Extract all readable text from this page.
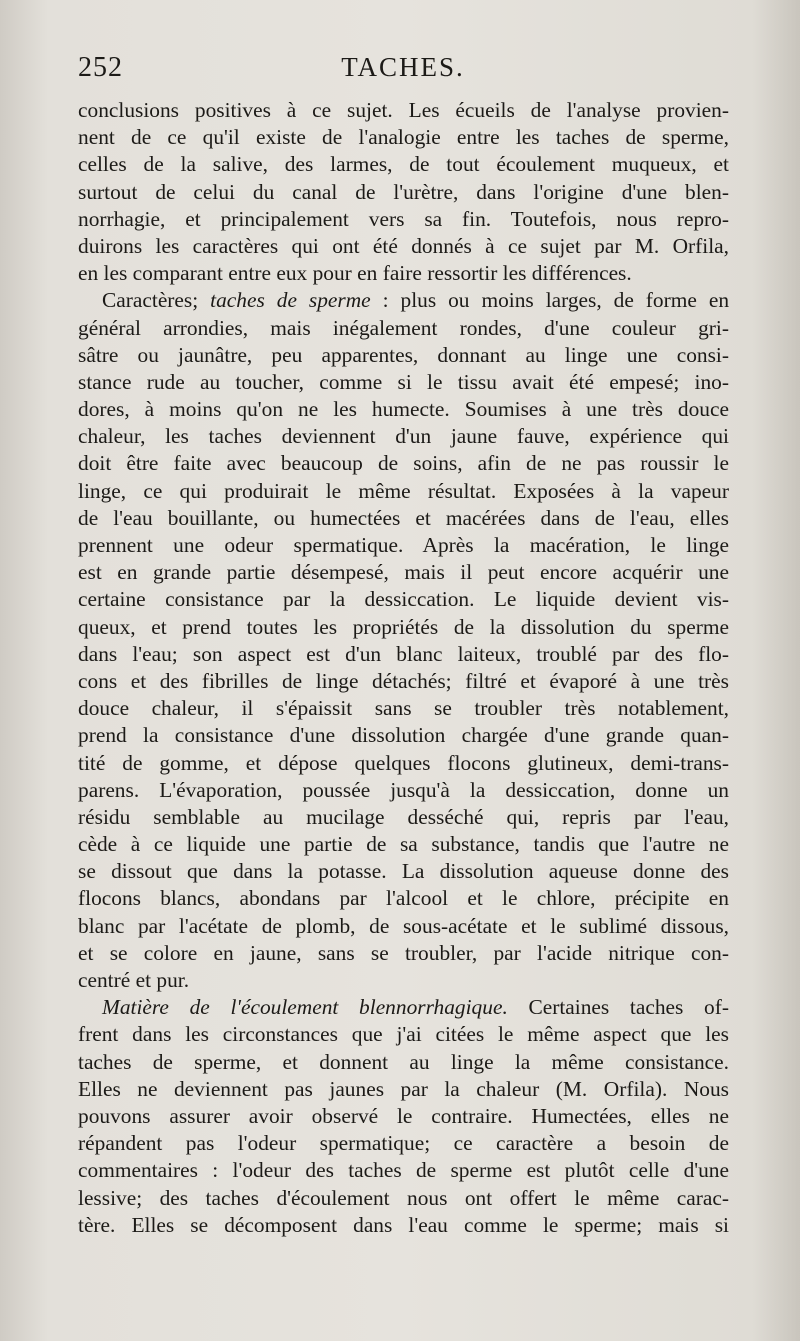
252	TACHES.
conclusions positives à ce sujet. Les écueils de l'analyse provien-
nent de ce qu'il existe de l'analogie entre les taches de sperme,
celles de la salive, des larmes, de tout écoulement muqueux, et
surtout de celui du canal de l'urètre, dans l'origine d'une blen-
norrhagie, et principalement vers sa fin. Toutefois, nous repro-
duirons les caractères qui ont été donnés à ce sujet par M. Orfila,
en les comparant entre eux pour en faire ressortir les différences.
Caractères; taches de sperme : plus ou moins larges, de forme en
général arrondies, mais inégalement rondes, d'une couleur gri-
sâtre ou jaunâtre, peu apparentes, donnant au linge une consi-
stance rude au toucher, comme si le tissu avait été empesé; ino-
dores, à moins qu'on ne les humecte. Soumises à une très douce
chaleur, les taches deviennent d'un jaune fauve, expérience qui
doit être faite avec beaucoup de soins, afin de ne pas roussir le
linge, ce qui produirait le même résultat. Exposées à la vapeur
de l'eau bouillante, ou humectées et macérées dans de l'eau, elles
prennent une odeur spermatique. Après la macération, le linge
est en grande partie désempesé, mais il peut encore acquérir une
certaine consistance par la dessiccation. Le liquide devient vis-
queux, et prend toutes les propriétés de la dissolution du sperme
dans l'eau; son aspect est d'un blanc laiteux, troublé par des flo-
cons et des fibrilles de linge détachés; filtré et évaporé à une très
douce chaleur, il s'épaissit sans se troubler très notablement,
prend la consistance d'une dissolution chargée d'une grande quan-
tité de gomme, et dépose quelques flocons glutineux, demi-trans-
parens. L'évaporation, poussée jusqu'à la dessiccation, donne un
résidu semblable au mucilage desséché qui, repris par l'eau,
cède à ce liquide une partie de sa substance, tandis que l'autre ne
se dissout que dans la potasse. La dissolution aqueuse donne des
flocons blancs, abondans par l'alcool et le chlore, précipite en
blanc par l'acétate de plomb, de sous-acétate et le sublimé dissous,
et se colore en jaune, sans se troubler, par l'acide nitrique con-
centré et pur.
Matière de l'écoulement blennorrhagique. Certaines taches of-
frent dans les circonstances que j'ai citées le même aspect que les
taches de sperme, et donnent au linge la même consistance.
Elles ne deviennent pas jaunes par la chaleur (M. Orfila). Nous
pouvons assurer avoir observé le contraire. Humectées, elles ne
répandent pas l'odeur spermatique; ce caractère a besoin de
commentaires : l'odeur des taches de sperme est plutôt celle d'une
lessive; des taches d'écoulement nous ont offert le même carac-
tère. Elles se décomposent dans l'eau comme le sperme; mais si
